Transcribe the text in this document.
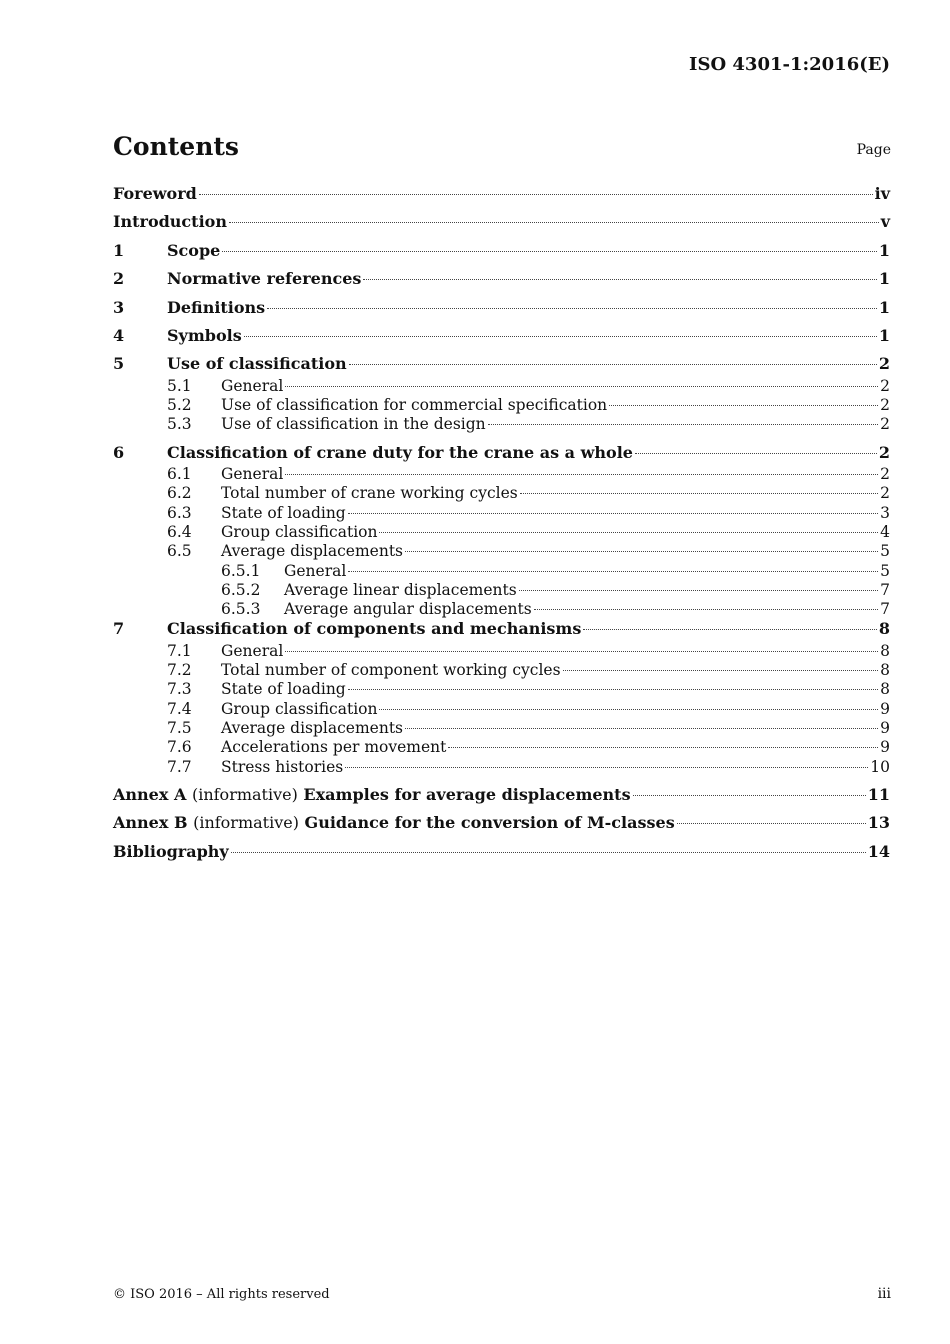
ISO 4301-1:2016(E)
Contents	Page
Foreword	iv
Introduction	v
1	Scope	1
2	Normative references	1
3	Definitions	1
4	Symbols	1
5	Use of classification	2
5.1	General	2
5.2	Use of classification for commercial specification	2
5.3	Use of classification in the design	2
6	Classification of crane duty for the crane as a whole	2
6.1	General	2
6.2	Total number of crane working cycles	2
6.3	State of loading	3
6.4	Group classification	4
6.5	Average displacements	5
6.5.1	General	5
6.5.2	Average linear displacements	7
6.5.3	Average angular displacements	7
7	Classification of components and mechanisms	8
7.1	General	8
7.2	Total number of component working cycles	8
7.3	State of loading	8
7.4	Group classification	9
7.5	Average displacements	9
7.6	Accelerations per movement	9
7.7	Stress histories	10
Annex A (informative) Examples for average displacements	11
Annex B (informative) Guidance for the conversion of M-classes	13
Bibliography	14
© ISO 2016 – All rights reserved	iii
